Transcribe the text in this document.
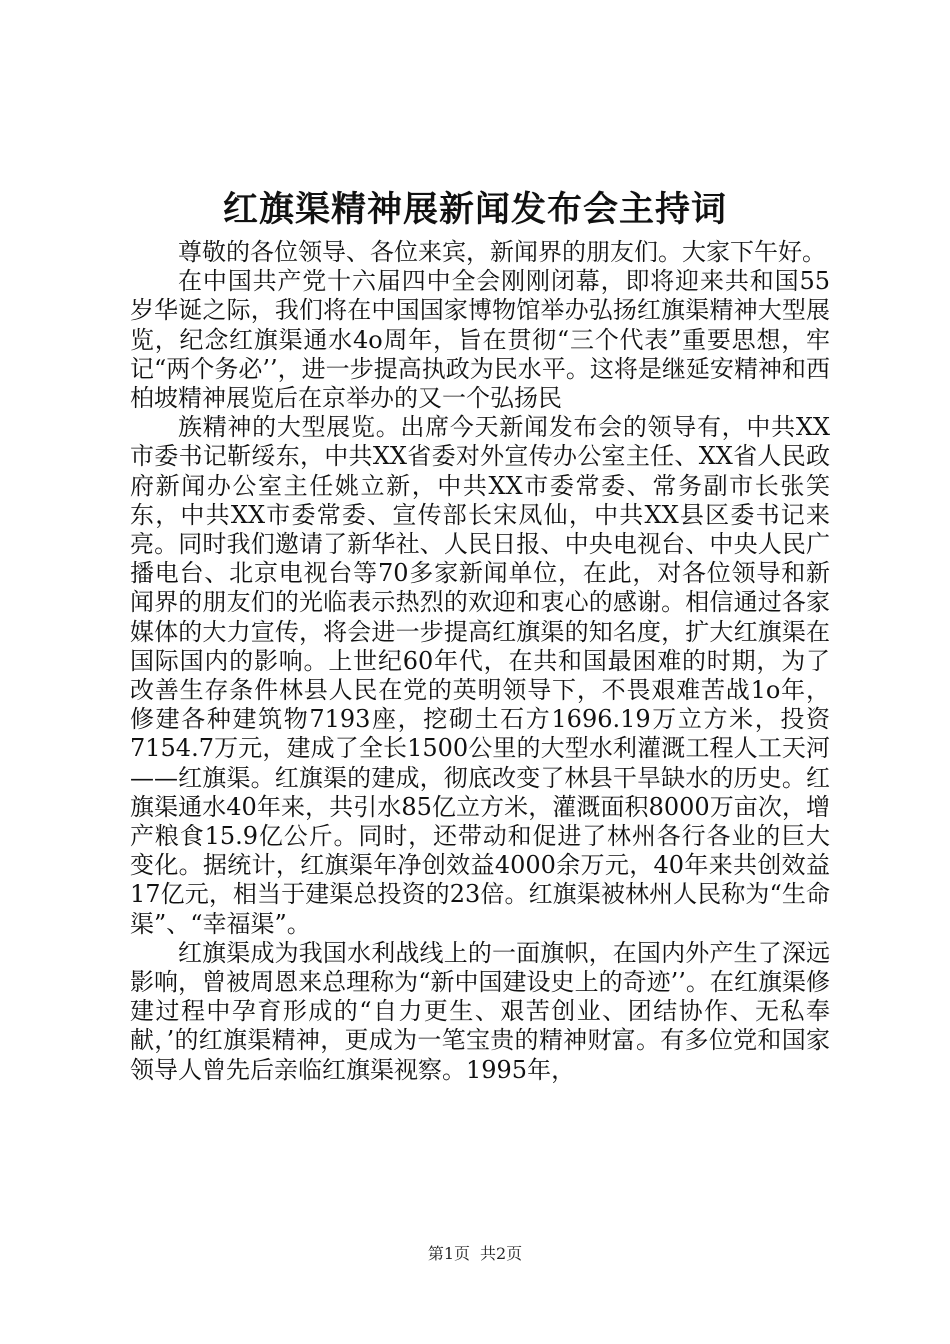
红旗渠精神展新闻发布会主持词

尊敬的各位领导、各位来宾，新闻界的朋友们。大家下午好。

在中国共产党十六届四中全会刚刚闭幕，即将迎来共和国55岁华诞之际，我们将在中国国家博物馆举办弘扬红旗渠精神大型展览，纪念红旗渠通水4o周年，旨在贯彻“三个代表”重要思想，牢记“两个务必’’，进一步提高执政为民水平。这将是继延安精神和西柏坡精神展览后在京举办的又一个弘扬民

族精神的大型展览。出席今天新闻发布会的领导有，中共XX市委书记靳绥东，中共XX省委对外宣传办公室主任、XX省人民政府新闻办公室主任姚立新，中共XX市委常委、常务副市长张笑东，中共XX市委常委、宣传部长宋凤仙，中共XX县区委书记来亮。同时我们邀请了新华社、人民日报、中央电视台、中央人民广播电台、北京电视台等70多家新闻单位，在此，对各位领导和新闻界的朋友们的光临表示热烈的欢迎和衷心的感谢。相信通过各家媒体的大力宣传，将会进一步提高红旗渠的知名度，扩大红旗渠在国际国内的影响。上世纪60年代，在共和国最困难的时期，为了改善生存条件林县人民在党的英明领导下，不畏艰难苦战1o年，修建各种建筑物7193座，挖砌土石方1696.19万立方米，投资7154.7万元，建成了全长1500公里的大型水利灌溉工程人工天河——红旗渠。红旗渠的建成，彻底改变了林县干旱缺水的历史。红旗渠通水40年来，共引水85亿立方米，灌溉面积8000万亩次，增产粮食15.9亿公斤。同时，还带动和促进了林州各行各业的巨大变化。据统计，红旗渠年净创效益4000余万元，40年来共创效益17亿元，相当于建渠总投资的23倍。红旗渠被林州人民称为“生命渠”、“幸福渠”。

红旗渠成为我国水利战线上的一面旗帜，在国内外产生了深远影响，曾被周恩来总理称为“新中国建设史上的奇迹’’。在红旗渠修建过程中孕育形成的“自力更生、艰苦创业、团结协作、无私奉献，’的红旗渠精神，更成为一笔宝贵的精神财富。有多位党和国家领导人曾先后亲临红旗渠视察。1995年，

第1页 共2页
